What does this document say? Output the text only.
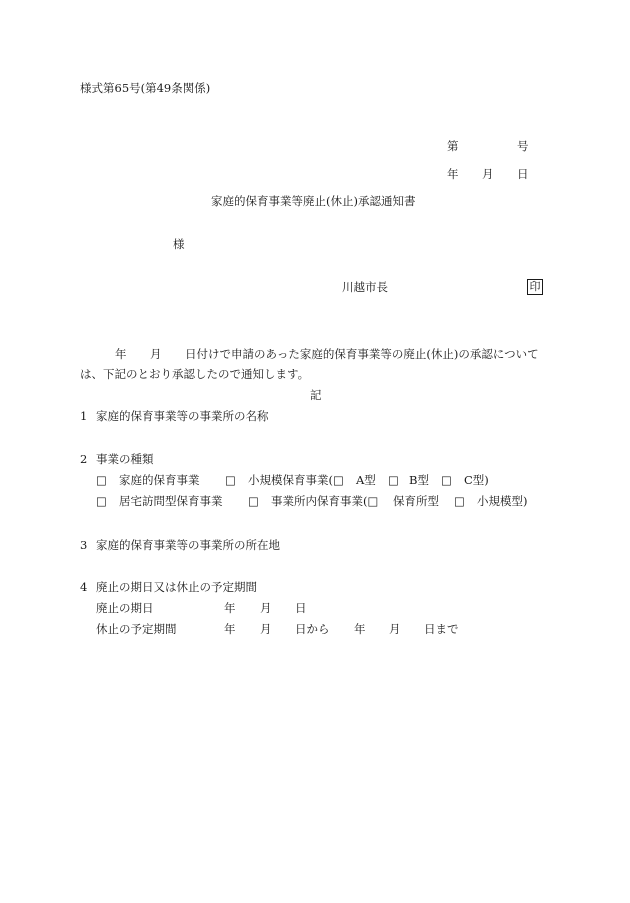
様式第65号(第49条関係)
第	号
年 月 日
家庭的保育事業等廃止(休止)承認通知書
様
川越市長	印
年 月 日付けで申請のあった家庭的保育事業等の廃止(休止)の承認について
は、下記のとおり承認したので通知します。
記
1 家庭的保育事業等の事業所の名称
2 事業の種類
□ 家庭的保育事業 □ 小規模保育事業(□ A型 □ B型 □ C型)
□ 居宅訪問型保育事業 □ 事業所内保育事業(□ 保育所型 □ 小規模型)
3 家庭的保育事業等の事業所の所在地
4 廃止の期日又は休止の予定期間
廃止の期日	年 月 日
休止の予定期間	年 月 日から 年 月 日まで
